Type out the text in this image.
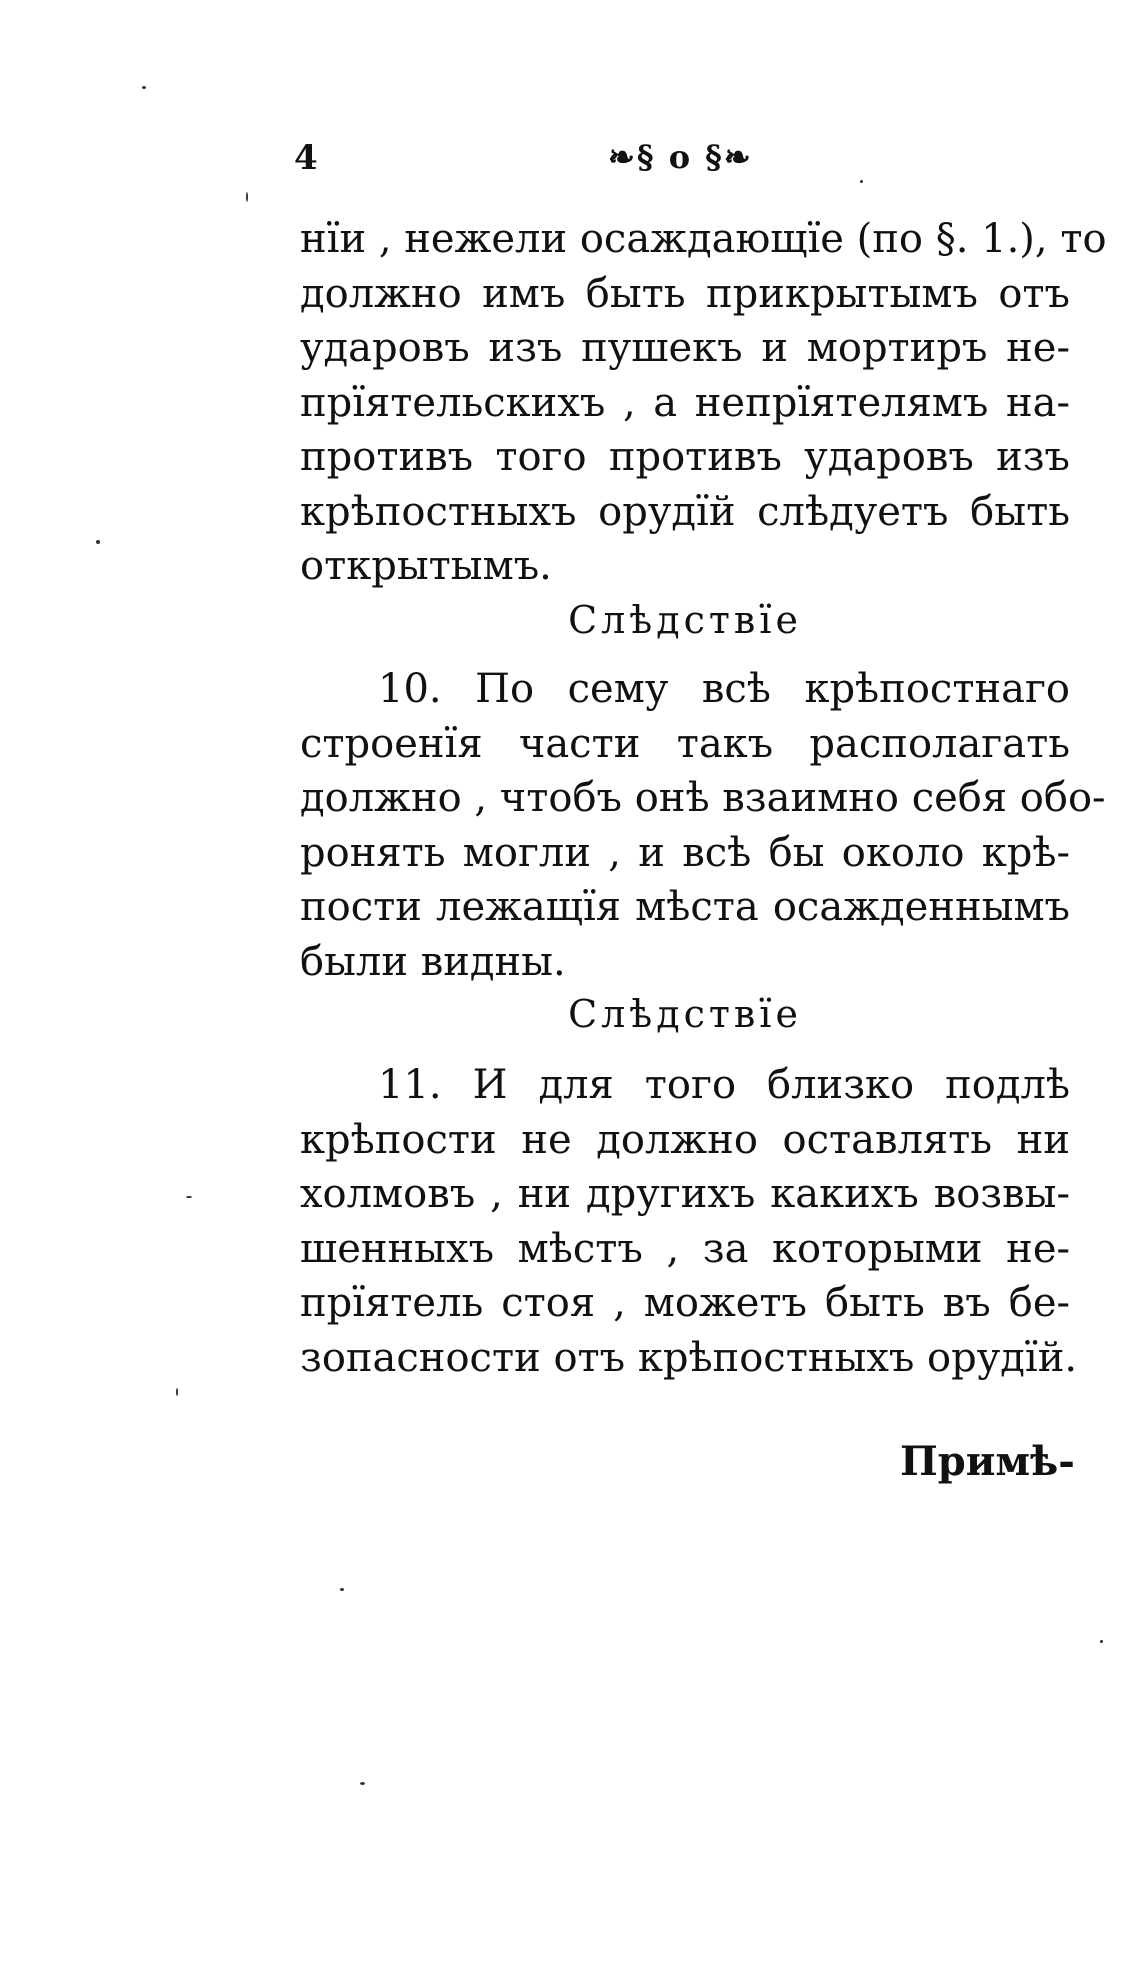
4	❧§ o §❧
нїи , нежели осаждающїе (по §. 1.), то
должно имъ быть прикрытымъ отъ
ударовъ изъ пушекъ и мортиръ не-
прїятельскихъ , а непрїятелямъ на-
противъ того противъ ударовъ изъ
крѣпостныхъ орудїй слѣдуетъ быть
открытымъ.
Слѣдствїе
10. По сему всѣ крѣпостнаго
строенїя части такъ располагать
должно , чтобъ онѣ взаимно себя обо-
ронять могли , и всѣ бы около крѣ-
пости лежащїя мѣста осажденнымъ
были видны.
Слѣдствїе
11. И для того близко подлѣ
крѣпости не должно оставлять ни
холмовъ , ни другихъ какихъ возвы-
шенныхъ мѣстъ , за которыми не-
прїятель стоя , можетъ быть въ бе-
зопасности отъ крѣпостныхъ орудїй.
Примѣ-
